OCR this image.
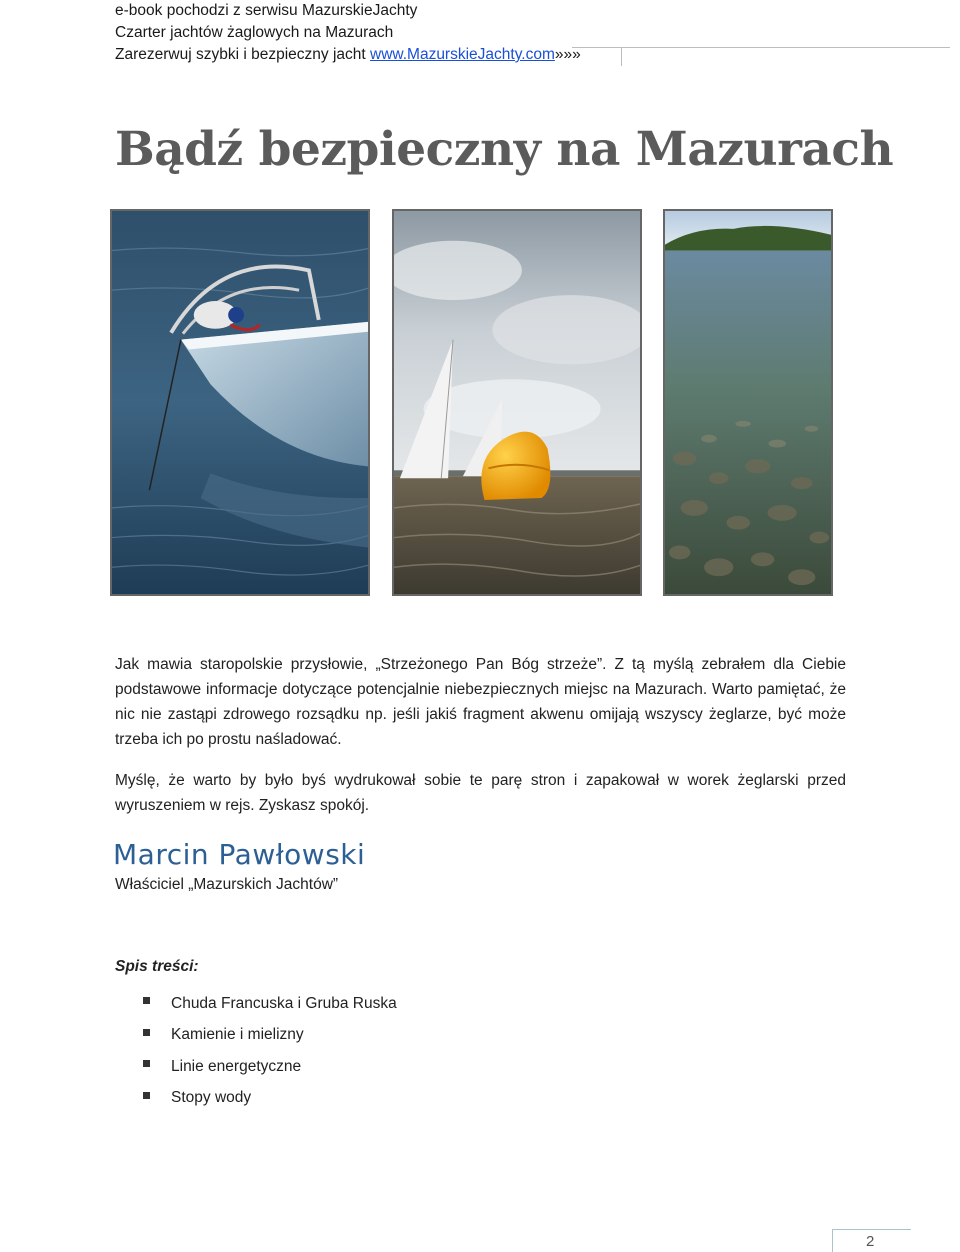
e-book pochodzi z serwisu MazurskieJachty
Czarter jachtów żaglowych na Mazurach
Zarezerwuj szybki i bezpieczny jacht www.MazurskieJachty.com»»»
Bądź bezpieczny na Mazurach

Jak mawia staropolskie przysłowie, „Strzeżonego Pan Bóg strzeże”. Z tą myślą zebrałem dla Ciebie podstawowe informacje dotyczące potencjalnie niebezpiecznych miejsc na Mazurach. Warto pamiętać, że nic nie zastąpi zdrowego rozsądku np. jeśli jakiś fragment akwenu omijają wszyscy żeglarze, być może trzeba ich po prostu naśladować.

Myślę, że warto by było byś wydrukował sobie te parę stron i zapakował w worek żeglarski przed wyruszeniem w rejs. Zyskasz spokój.

Marcin Pawłowski
Właściciel „Mazurskich Jachtów”
Spis treści:
Chuda Francuska i Gruba Ruska
Kamienie i mielizny
Linie energetyczne
Stopy wody
2
